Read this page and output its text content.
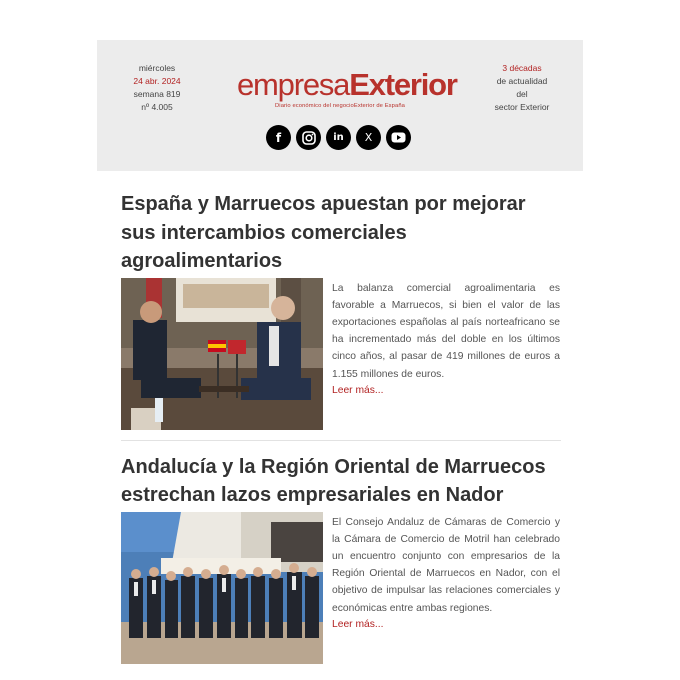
miércoles
24 abr. 2024
semana 819
nº 4.005
empresaExterior
Diario económico del negocioExterior de España
3 décadas
de actualidad
del
sector Exterior
f	in X
España y Marruecos apuestan por mejorar sus intercambios comerciales agroalimentarios
La balanza comercial agroalimentaria es favorable a Marruecos, si bien el valor de las exportaciones españolas al país norteafricano se ha incrementado más del doble en los últimos cinco años, al pasar de 419 millones de euros a 1.155 millones de euros.
Leer más...
Andalucía y la Región Oriental de Marruecos estrechan lazos empresariales en Nador
El Consejo Andaluz de Cámaras de Comercio y la Cámara de Comercio de Motril han celebrado un encuentro conjunto con empresarios de la Región Oriental de Marruecos en Nador, con el objetivo de impulsar las relaciones comerciales y económicas entre ambas regiones.
Leer más...
